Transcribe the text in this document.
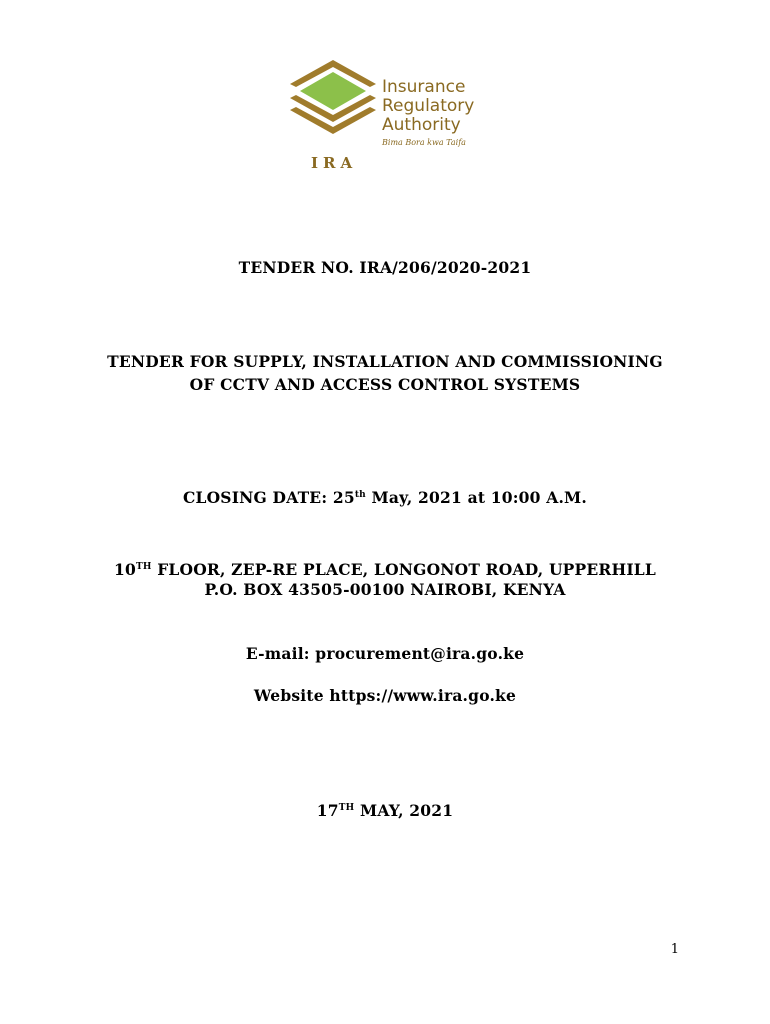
Insurance
Regulatory
Authority
Bima Bora kwa Taifa
IRA
TENDER NO. IRA/206/2020-2021
TENDER FOR SUPPLY, INSTALLATION AND COMMISSIONING
OF CCTV AND ACCESS CONTROL SYSTEMS
CLOSING DATE: 25th May, 2021 at 10:00 A.M.
10TH FLOOR, ZEP-RE PLACE, LONGONOT ROAD, UPPERHILL
P.O. BOX 43505-00100 NAIROBI, KENYA
E-mail: procurement@ira.go.ke
Website https://www.ira.go.ke
17TH MAY, 2021
1
